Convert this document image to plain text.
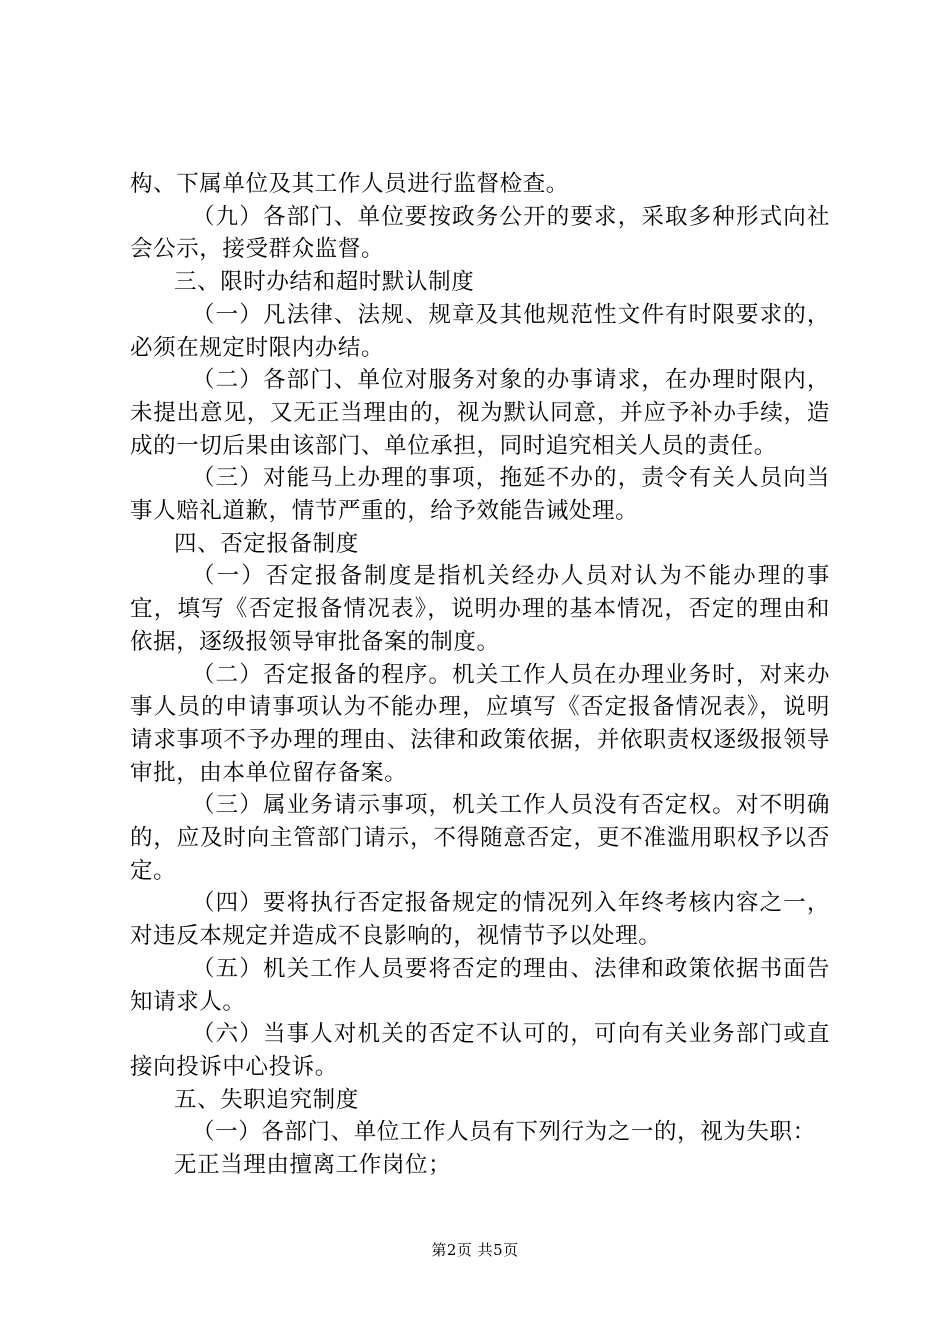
构、下属单位及其工作人员进行监督检查。

（九）各部门、单位要按政务公开的要求，采取多种形式向社会公示，接受群众监督。

三、限时办结和超时默认制度

（一）凡法律、法规、规章及其他规范性文件有时限要求的，必须在规定时限内办结。

（二）各部门、单位对服务对象的办事请求，在办理时限内，未提出意见，又无正当理由的，视为默认同意，并应予补办手续，造成的一切后果由该部门、单位承担，同时追究相关人员的责任。

（三）对能马上办理的事项，拖延不办的，责令有关人员向当事人赔礼道歉，情节严重的，给予效能告诫处理。

四、否定报备制度

（一）否定报备制度是指机关经办人员对认为不能办理的事宜，填写《否定报备情况表》，说明办理的基本情况，否定的理由和依据，逐级报领导审批备案的制度。

（二）否定报备的程序。机关工作人员在办理业务时，对来办事人员的申请事项认为不能办理，应填写《否定报备情况表》，说明请求事项不予办理的理由、法律和政策依据，并依职责权逐级报领导审批，由本单位留存备案。

（三）属业务请示事项，机关工作人员没有否定权。对不明确的，应及时向主管部门请示，不得随意否定，更不准滥用职权予以否定。

（四）要将执行否定报备规定的情况列入年终考核内容之一，对违反本规定并造成不良影响的，视情节予以处理。

（五）机关工作人员要将否定的理由、法律和政策依据书面告知请求人。

（六）当事人对机关的否定不认可的，可向有关业务部门或直接向投诉中心投诉。

五、失职追究制度

（一）各部门、单位工作人员有下列行为之一的，视为失职：

无正当理由擅离工作岗位；

第2页 共5页
